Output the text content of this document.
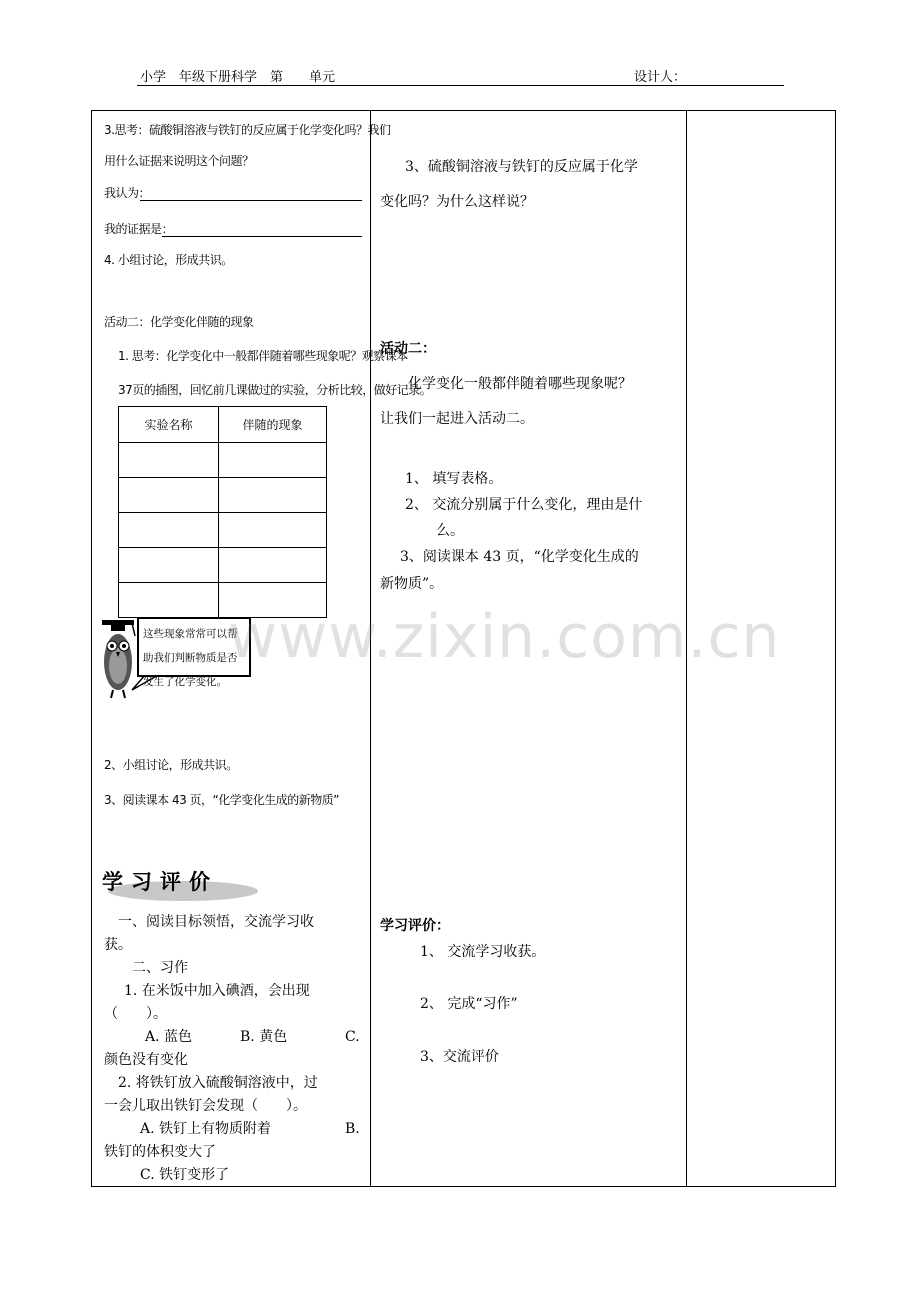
小学　年级下册科学　第　　单元	设计人：
3.思考：硫酸铜溶液与铁钉的反应属于化学变化吗？我们
用什么证据来说明这个问题？
我认为：
我的证据是：
4. 小组讨论，形成共识。
活动二：化学变化伴随的现象
1. 思考：化学变化中一般都伴随着哪些现象呢？观察课本
37页的插图，回忆前几课做过的实验，分析比较，做好记录。
实验名称	伴随的现象

这些现象常常可以帮助我们判断物质是否发生了化学变化。
2、小组讨论，形成共识。
3、阅读课本 43 页，“化学变化生成的新物质”
学习评价
　一、阅读目标领悟，交流学习收
获。
　二、习作
1. 在米饭中加入碘酒，会出现
（　　）。
A. 蓝色	B. 黄色	C.
颜色没有变化
2. 将铁钉放入硫酸铜溶液中，过
一会儿取出铁钉会发现（　　）。
A. 铁钉上有物质附着	B.
铁钉的体积变大了
C. 铁钉变形了
3、硫酸铜溶液与铁钉的反应属于化学
变化吗？为什么这样说？
活动二：
化学变化一般都伴随着哪些现象呢？
让我们一起进入活动二。
1、 填写表格。
2、 交流分别属于什么变化，理由是什
么。
3、阅读课本 43 页，“化学变化生成的
新物质”。
学习评价：
1、 交流学习收获。
2、 完成“习作”
3、交流评价
www.zixin.com.cn
